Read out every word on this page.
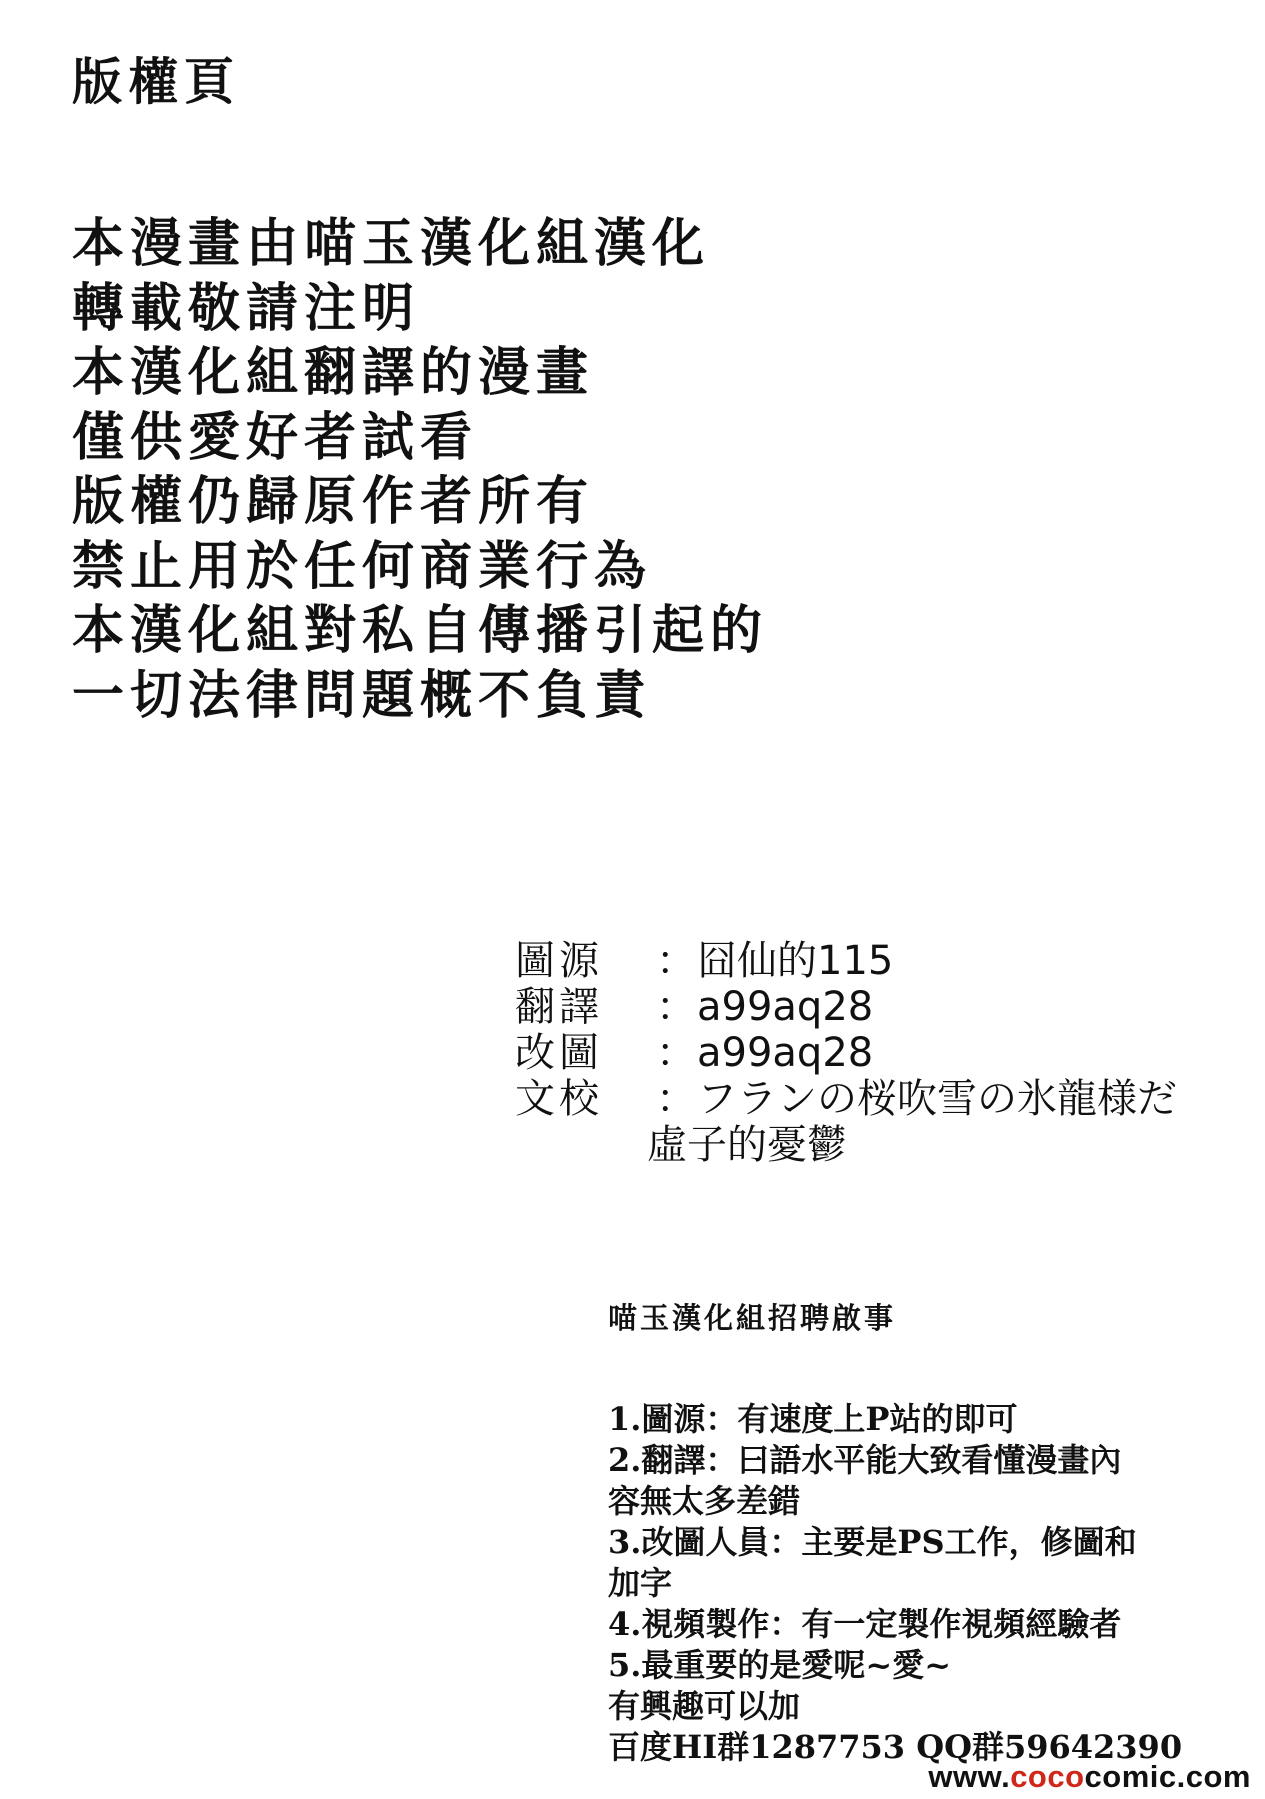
版權頁
本漫畫由喵玉漢化組漢化
轉載敬請注明
本漢化組翻譯的漫畫
僅供愛好者試看
版權仍歸原作者所有
禁止用於任何商業行為
本漢化組對私自傳播引起的
一切法律問題概不負責
圖源	： 囧仙的115
翻譯	： a99aq28
改圖	： a99aq28
文校	： フランの桜吹雪の氷龍様だ
虛子的憂鬱
喵玉漢化組招聘啟事
1.圖源：有速度上P站的即可
2.翻譯：曰語水平能大致看懂漫畫內
容無太多差錯
3.改圖人員：主要是PS工作，修圖和
加字
4.視頻製作：有一定製作視頻經驗者
5.最重要的是愛呢~愛~
有興趣可以加
百度HI群1287753 QQ群59642390
www.cococomic.com
